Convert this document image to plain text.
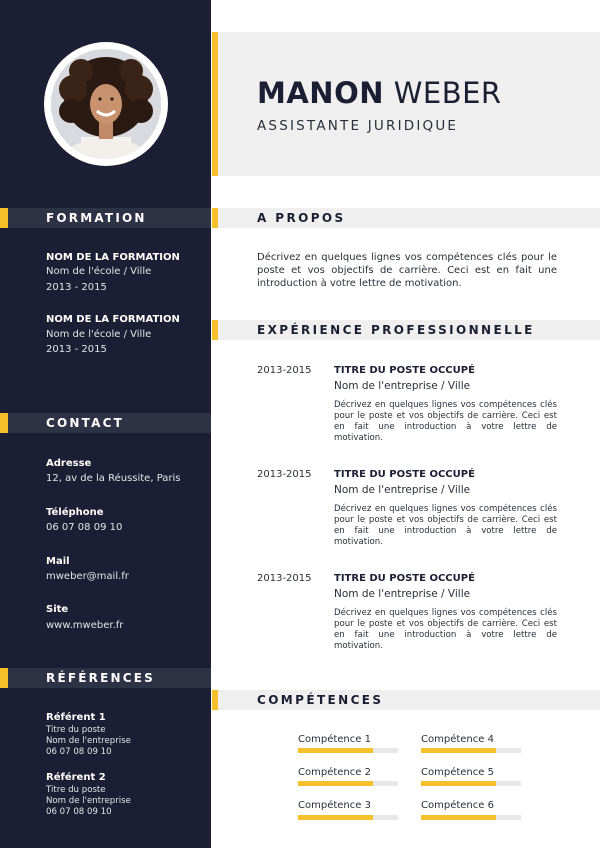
FORMATION
NOM DE LA FORMATION
Nom de l'école / Ville
2013 - 2015
NOM DE LA FORMATION
Nom de l'école / Ville
2013 - 2015
CONTACT
Adresse
12, av de la Réussite, Paris
Téléphone
06 07 08 09 10
Mail
mweber@mail.fr
Site
www.mweber.fr
RÉFÉRENCES
Référent 1
Titre du poste
Nom de l'entreprise
06 07 08 09 10
Référent 2
Titre du poste
Nom de l'entreprise
06 07 08 09 10
MANON WEBER
ASSISTANTE JURIDIQUE
A PROPOS
Décrivez en quelques lignes vos compétences clés pour le poste et vos objectifs de carrière. Ceci est en fait une introduction à votre lettre de motivation.
EXPÉRIENCE PROFESSIONNELLE
2013-2015 TITRE DU POSTE OCCUPÉ
Nom de l'entreprise / Ville
Décrivez en quelques lignes vos compétences clés pour le poste et vos objectifs de carrière. Ceci est en fait une introduction à votre lettre de motivation.
2013-2015 TITRE DU POSTE OCCUPÉ
Nom de l'entreprise / Ville
Décrivez en quelques lignes vos compétences clés pour le poste et vos objectifs de carrière. Ceci est en fait une introduction à votre lettre de motivation.
2013-2015 TITRE DU POSTE OCCUPÉ
Nom de l'entreprise / Ville
Décrivez en quelques lignes vos compétences clés pour le poste et vos objectifs de carrière. Ceci est en fait une introduction à votre lettre de motivation.
COMPÉTENCES
Compétence 1
Compétence 2
Compétence 3
Compétence 4
Compétence 5
Compétence 6
